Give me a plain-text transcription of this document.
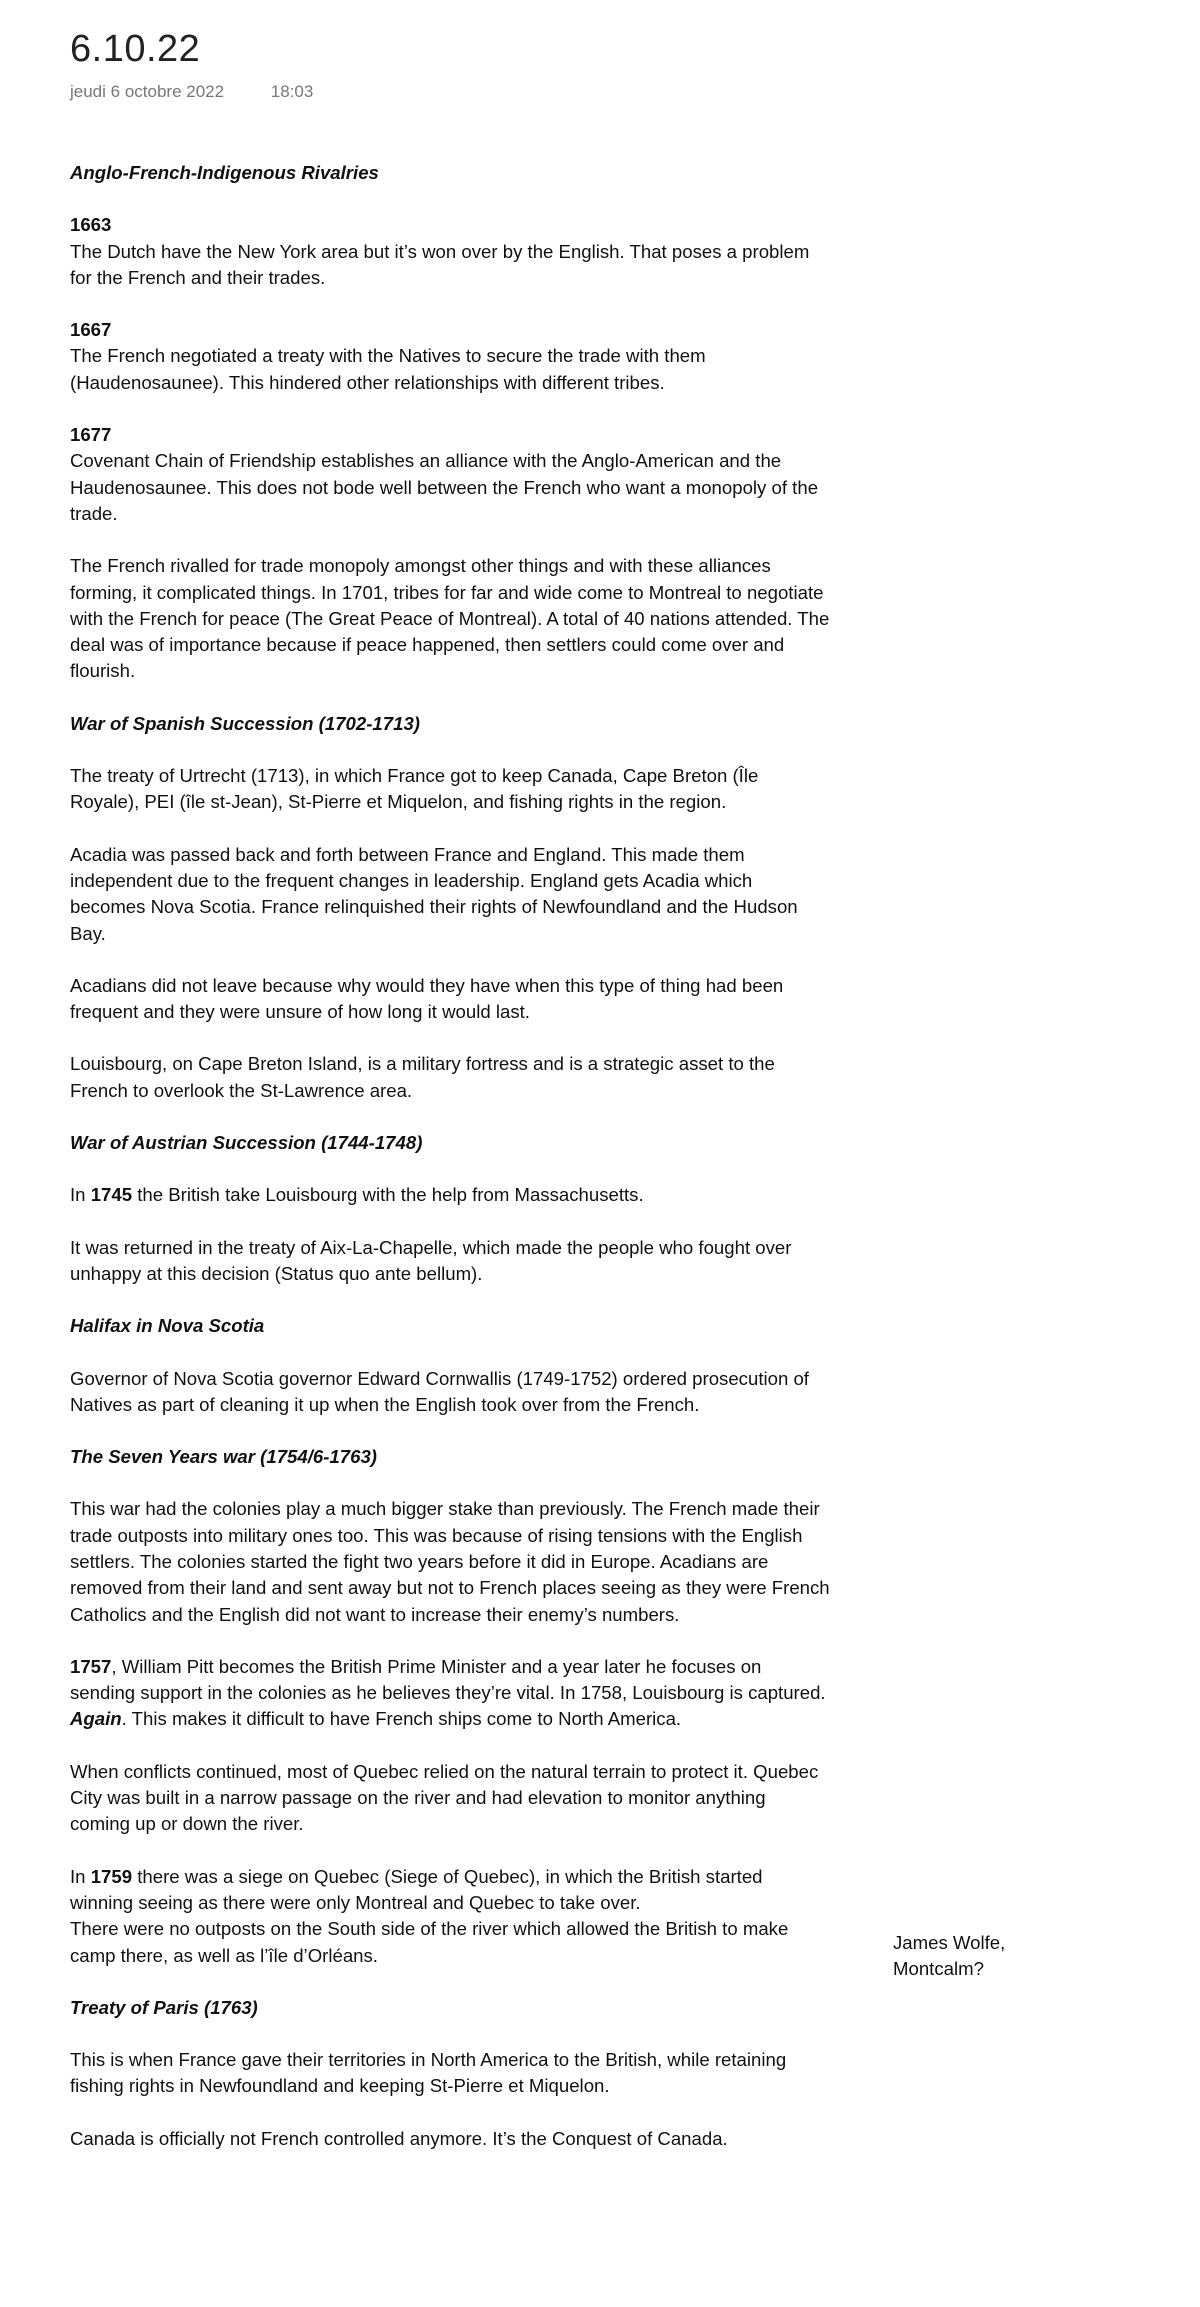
6.10.22
jeudi 6 octobre 2022	18:03
Anglo-French-Indigenous Rivalries

1663

The Dutch have the New York area but it’s won over by the English. That poses a problem for the French and their trades.

1667

The French negotiated a treaty with the Natives to secure the trade with them (Haudenosaunee). This hindered other relationships with different tribes.

1677

Covenant Chain of Friendship establishes an alliance with the Anglo-American and the Haudenosaunee. This does not bode well between the French who want a monopoly of the trade.

The French rivalled for trade monopoly amongst other things and with these alliances forming, it complicated things. In 1701, tribes for far and wide come to Montreal to negotiate with the French for peace (The Great Peace of Montreal). A total of 40 nations attended. The deal was of importance because if peace happened, then settlers could come over and flourish.

War of Spanish Succession (1702-1713)

The treaty of Urtrecht (1713), in which France got to keep Canada, Cape Breton (Île Royale), PEI (île st-Jean), St-Pierre et Miquelon, and fishing rights in the region.

Acadia was passed back and forth between France and England. This made them independent due to the frequent changes in leadership. England gets Acadia which becomes Nova Scotia. France relinquished their rights of Newfoundland and the Hudson Bay.

Acadians did not leave because why would they have when this type of thing had been frequent and they were unsure of how long it would last.

Louisbourg, on Cape Breton Island, is a military fortress and is a strategic asset to the French to overlook the St-Lawrence area.

War of Austrian Succession (1744-1748)

In 1745 the British take Louisbourg with the help from Massachusetts.

It was returned in the treaty of Aix-La-Chapelle, which made the people who fought over unhappy at this decision (Status quo ante bellum).

Halifax in Nova Scotia

Governor of Nova Scotia governor Edward Cornwallis (1749-1752) ordered prosecution of Natives as part of cleaning it up when the English took over from the French.

The Seven Years war (1754/6-1763)

This war had the colonies play a much bigger stake than previously. The French made their trade outposts into military ones too. This was because of rising tensions with the English settlers. The colonies started the fight two years before it did in Europe. Acadians are removed from their land and sent away but not to French places seeing as they were French Catholics and the English did not want to increase their enemy’s numbers.

1757, William Pitt becomes the British Prime Minister and a year later he focuses on sending support in the colonies as he believes they’re vital. In 1758, Louisbourg is captured. Again. This makes it difficult to have French ships come to North America.

When conflicts continued, most of Quebec relied on the natural terrain to protect it. Quebec City was built in a narrow passage on the river and had elevation to monitor anything coming up or down the river.

In 1759 there was a siege on Quebec (Siege of Quebec), in which the British started winning seeing as there were only Montreal and Quebec to take over.

There were no outposts on the South side of the river which allowed the British to make camp there, as well as l’île d’Orléans.

Treaty of Paris (1763)

This is when France gave their territories in North America to the British, while retaining fishing rights in Newfoundland and keeping St-Pierre et Miquelon.

Canada is officially not French controlled anymore. It’s the Conquest of Canada.

James Wolfe,
Montcalm?
